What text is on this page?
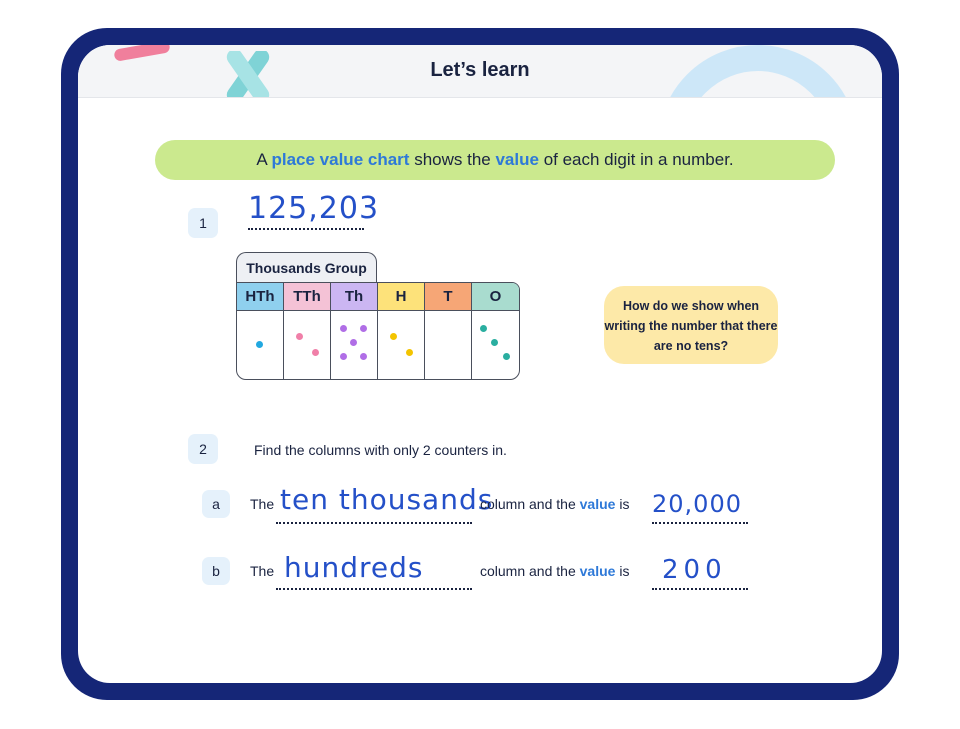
Let’s learn
A place value chart shows the value of each digit in a number.
1	125,203
Thousands Group
HTh	TTh	Th	H	T	O
How do we show when writing the number that there are no tens?
2	Find the columns with only 2 counters in.
a	The ten thousands
column and the value is 20,000
b	The hundreds	column and the value is 200
